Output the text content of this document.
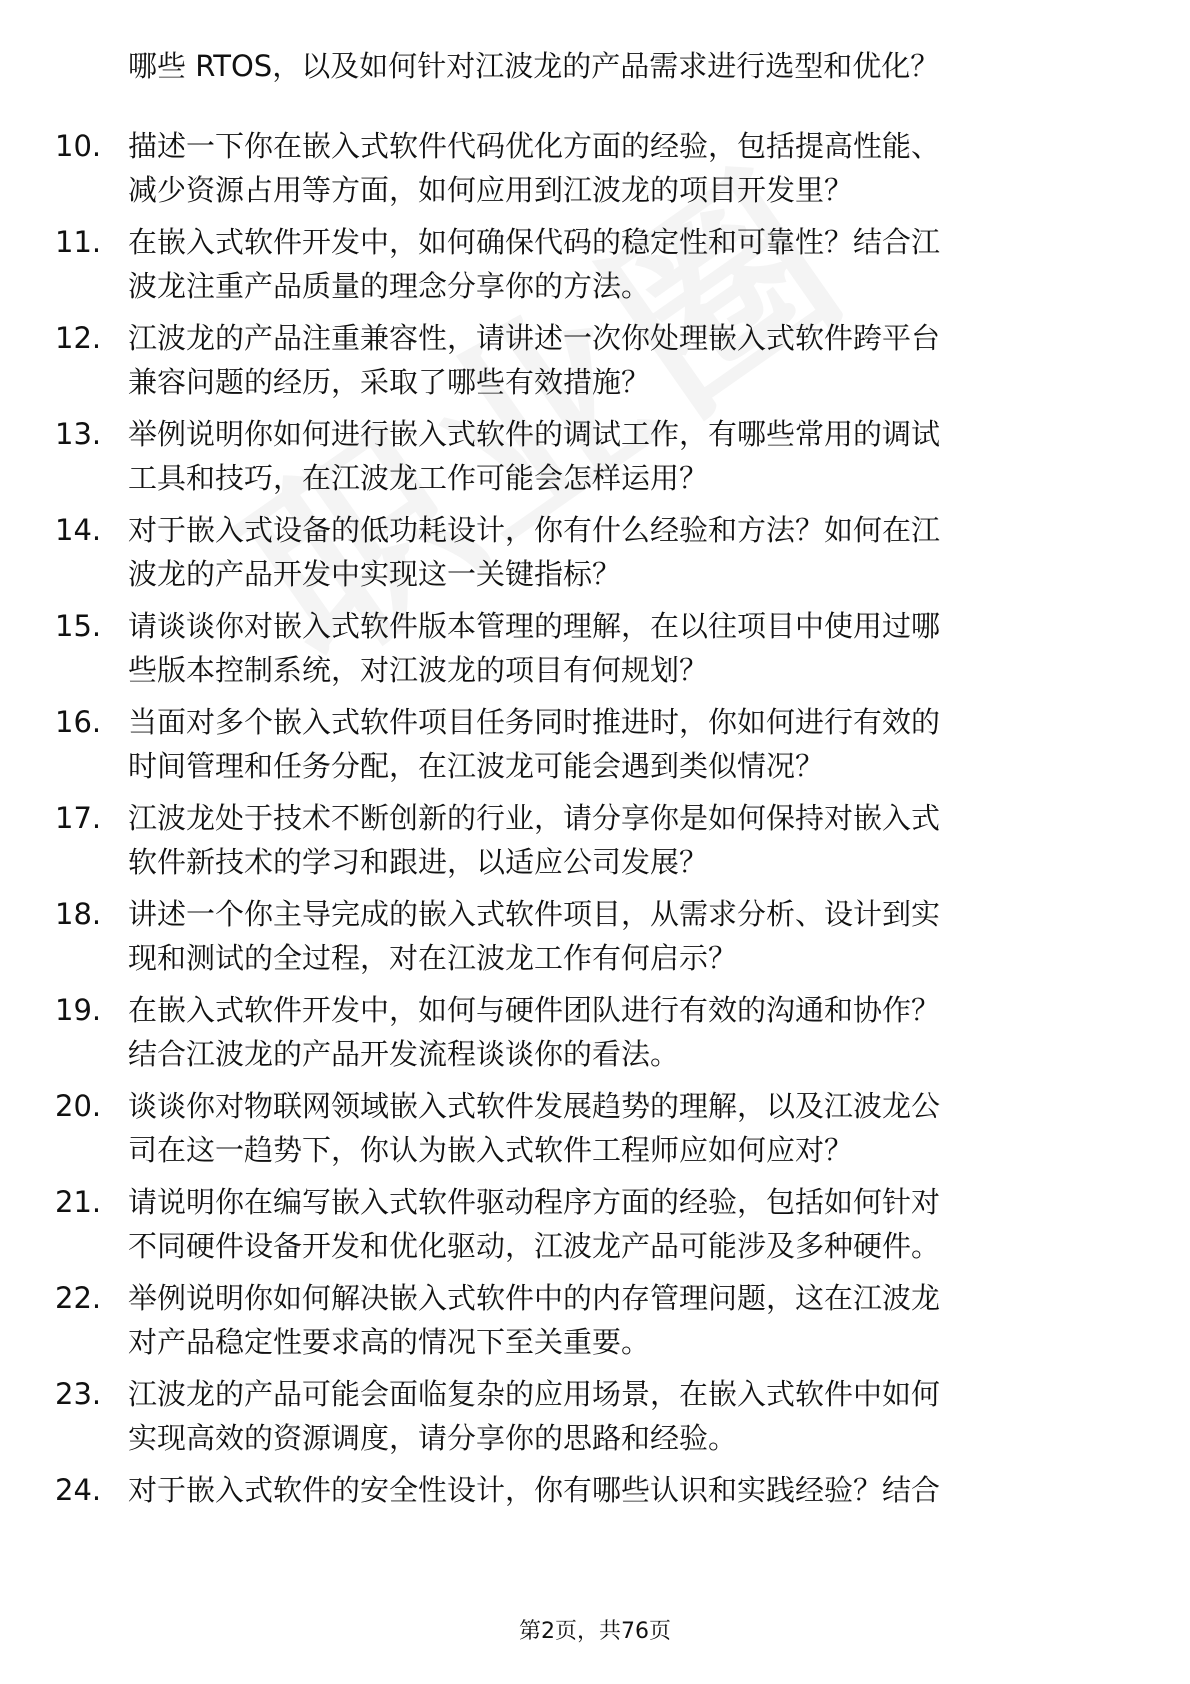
哪些 RTOS，以及如何针对江波龙的产品需求进行选型和优化？
10. 描述一下你在嵌入式软件代码优化方面的经验，包括提高性能、
减少资源占用等方面，如何应用到江波龙的项目开发里？
11. 在嵌入式软件开发中，如何确保代码的稳定性和可靠性？结合江
波龙注重产品质量的理念分享你的方法。
12. 江波龙的产品注重兼容性，请讲述一次你处理嵌入式软件跨平台
兼容问题的经历，采取了哪些有效措施？
13. 举例说明你如何进行嵌入式软件的调试工作，有哪些常用的调试
工具和技巧，在江波龙工作可能会怎样运用？
14. 对于嵌入式设备的低功耗设计，你有什么经验和方法？如何在江
波龙的产品开发中实现这一关键指标？
15. 请谈谈你对嵌入式软件版本管理的理解，在以往项目中使用过哪
些版本控制系统，对江波龙的项目有何规划？
16. 当面对多个嵌入式软件项目任务同时推进时，你如何进行有效的
时间管理和任务分配，在江波龙可能会遇到类似情况？
17. 江波龙处于技术不断创新的行业，请分享你是如何保持对嵌入式
软件新技术的学习和跟进，以适应公司发展？
18. 讲述一个你主导完成的嵌入式软件项目，从需求分析、设计到实
现和测试的全过程，对在江波龙工作有何启示？
19. 在嵌入式软件开发中，如何与硬件团队进行有效的沟通和协作？
结合江波龙的产品开发流程谈谈你的看法。
20. 谈谈你对物联网领域嵌入式软件发展趋势的理解，以及江波龙公
司在这一趋势下，你认为嵌入式软件工程师应如何应对？
21. 请说明你在编写嵌入式软件驱动程序方面的经验，包括如何针对
不同硬件设备开发和优化驱动，江波龙产品可能涉及多种硬件。
22. 举例说明你如何解决嵌入式软件中的内存管理问题，这在江波龙
对产品稳定性要求高的情况下至关重要。
23. 江波龙的产品可能会面临复杂的应用场景，在嵌入式软件中如何
实现高效的资源调度，请分享你的思路和经验。
24. 对于嵌入式软件的安全性设计，你有哪些认识和实践经验？结合
第2页，共76页
